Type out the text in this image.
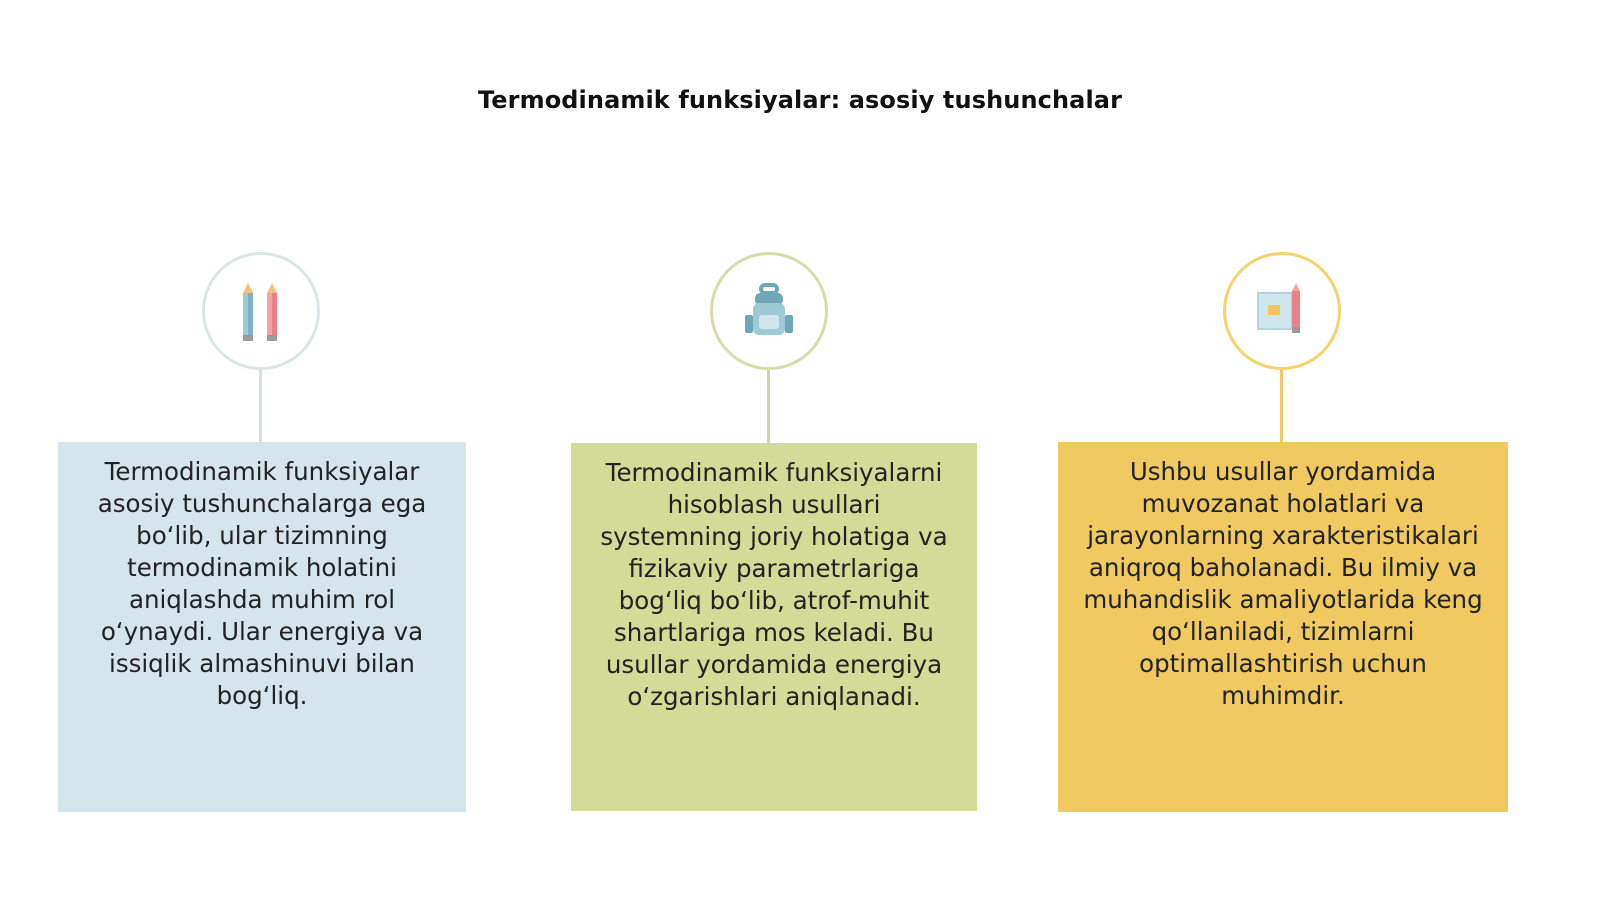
Termodinamik funksiyalar: asosiy tushunchalar
Termodinamik funksiyalar asosiy tushunchalarga ega bo‘lib, ular tizimning termodinamik holatini aniqlashda muhim rol o‘ynaydi. Ular energiya va issiqlik almashinuvi bilan bog‘liq.
Termodinamik funksiyalarni hisoblash usullari systemning joriy holatiga va fizikaviy parametrlariga bog‘liq bo‘lib, atrof-muhit shartlariga mos keladi. Bu usullar yordamida energiya o‘zgarishlari aniqlanadi.
Ushbu usullar yordamida muvozanat holatlari va jarayonlarning xarakteristikalari aniqroq baholanadi. Bu ilmiy va muhandislik amaliyotlarida keng qo‘llaniladi, tizimlarni optimallashtirish uchun muhimdir.
